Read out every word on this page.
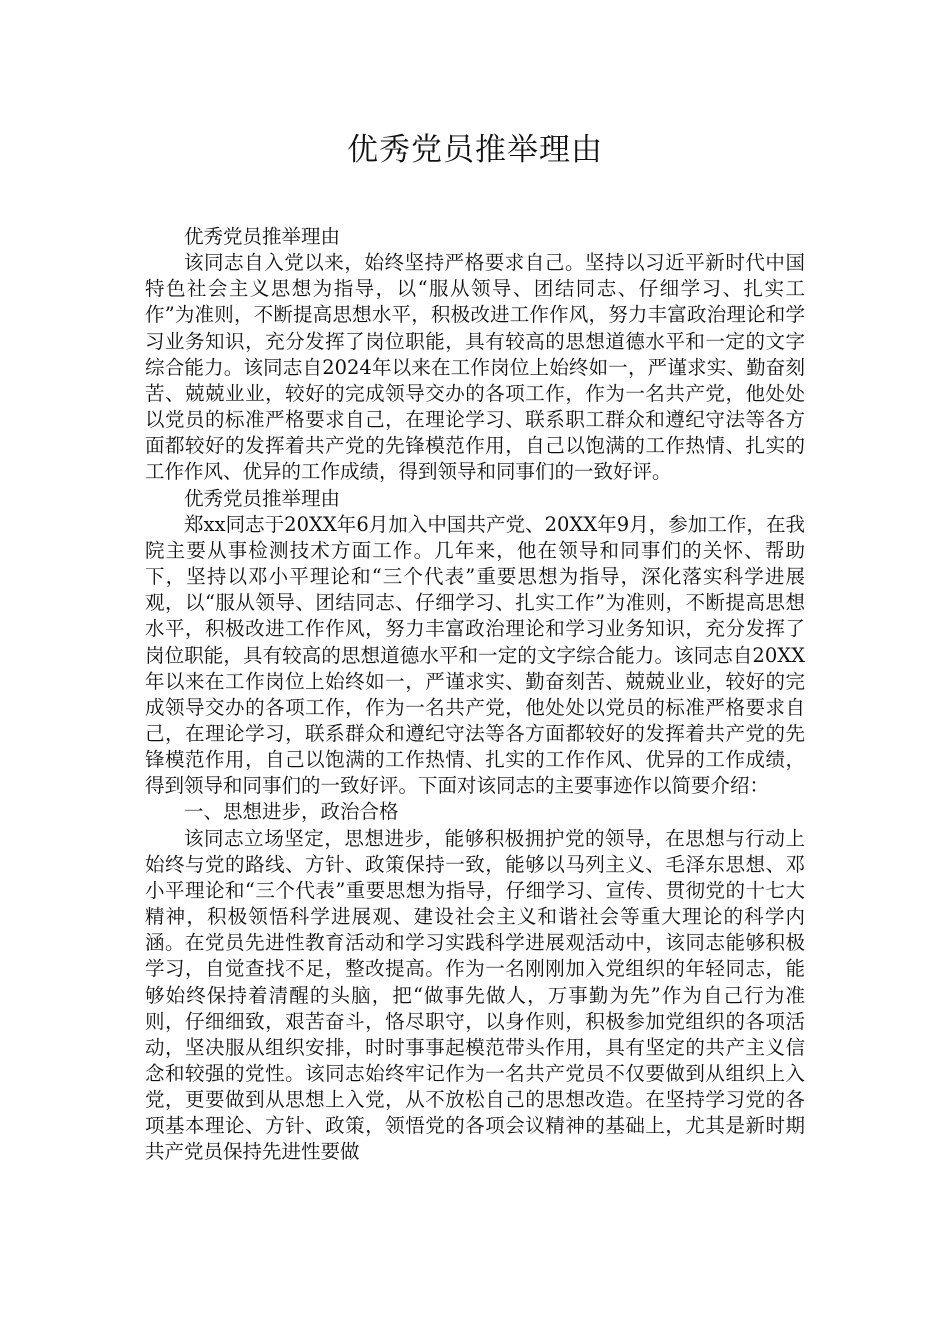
优秀党员推举理由

优秀党员推举理由

该同志自入党以来，始终坚持严格要求自己。坚持以习近平新时代中国特色社会主义思想为指导，以“服从领导、团结同志、仔细学习、扎实工作”为准则，不断提高思想水平，积极改进工作作风，努力丰富政治理论和学习业务知识，充分发挥了岗位职能，具有较高的思想道德水平和一定的文字综合能力。该同志自2024年以来在工作岗位上始终如一，严谨求实、勤奋刻苦、兢兢业业，较好的完成领导交办的各项工作，作为一名共产党，他处处以党员的标准严格要求自己，在理论学习、联系职工群众和遵纪守法等各方面都较好的发挥着共产党的先锋模范作用，自己以饱满的工作热情、扎实的工作作风、优异的工作成绩，得到领导和同事们的一致好评。

优秀党员推举理由

郑xx同志于20XX年6月加入中国共产党、20XX年9月，参加工作，在我院主要从事检测技术方面工作。几年来，他在领导和同事们的关怀、帮助下，坚持以邓小平理论和“三个代表”重要思想为指导，深化落实科学进展观，以“服从领导、团结同志、仔细学习、扎实工作”为准则，不断提高思想水平，积极改进工作作风，努力丰富政治理论和学习业务知识，充分发挥了岗位职能，具有较高的思想道德水平和一定的文字综合能力。该同志自20XX年以来在工作岗位上始终如一，严谨求实、勤奋刻苦、兢兢业业，较好的完成领导交办的各项工作，作为一名共产党，他处处以党员的标准严格要求自己，在理论学习，联系群众和遵纪守法等各方面都较好的发挥着共产党的先锋模范作用，自己以饱满的工作热情、扎实的工作作风、优异的工作成绩，得到领导和同事们的一致好评。下面对该同志的主要事迹作以简要介绍：

一、思想进步，政治合格

该同志立场坚定，思想进步，能够积极拥护党的领导，在思想与行动上始终与党的路线、方针、政策保持一致，能够以马列主义、毛泽东思想、邓小平理论和“三个代表”重要思想为指导，仔细学习、宣传、贯彻党的十七大精神，积极领悟科学进展观、建设社会主义和谐社会等重大理论的科学内涵。在党员先进性教育活动和学习实践科学进展观活动中，该同志能够积极学习，自觉查找不足，整改提高。作为一名刚刚加入党组织的年轻同志，能够始终保持着清醒的头脑，把“做事先做人，万事勤为先”作为自己行为准则，仔细细致，艰苦奋斗，恪尽职守，以身作则，积极参加党组织的各项活动，坚决服从组织安排，时时事事起模范带头作用，具有坚定的共产主义信念和较强的党性。该同志始终牢记作为一名共产党员不仅要做到从组织上入党，更要做到从思想上入党，从不放松自己的思想改造。在坚持学习党的各项基本理论、方针、政策，领悟党的各项会议精神的基础上，尤其是新时期共产党员保持先进性要做
